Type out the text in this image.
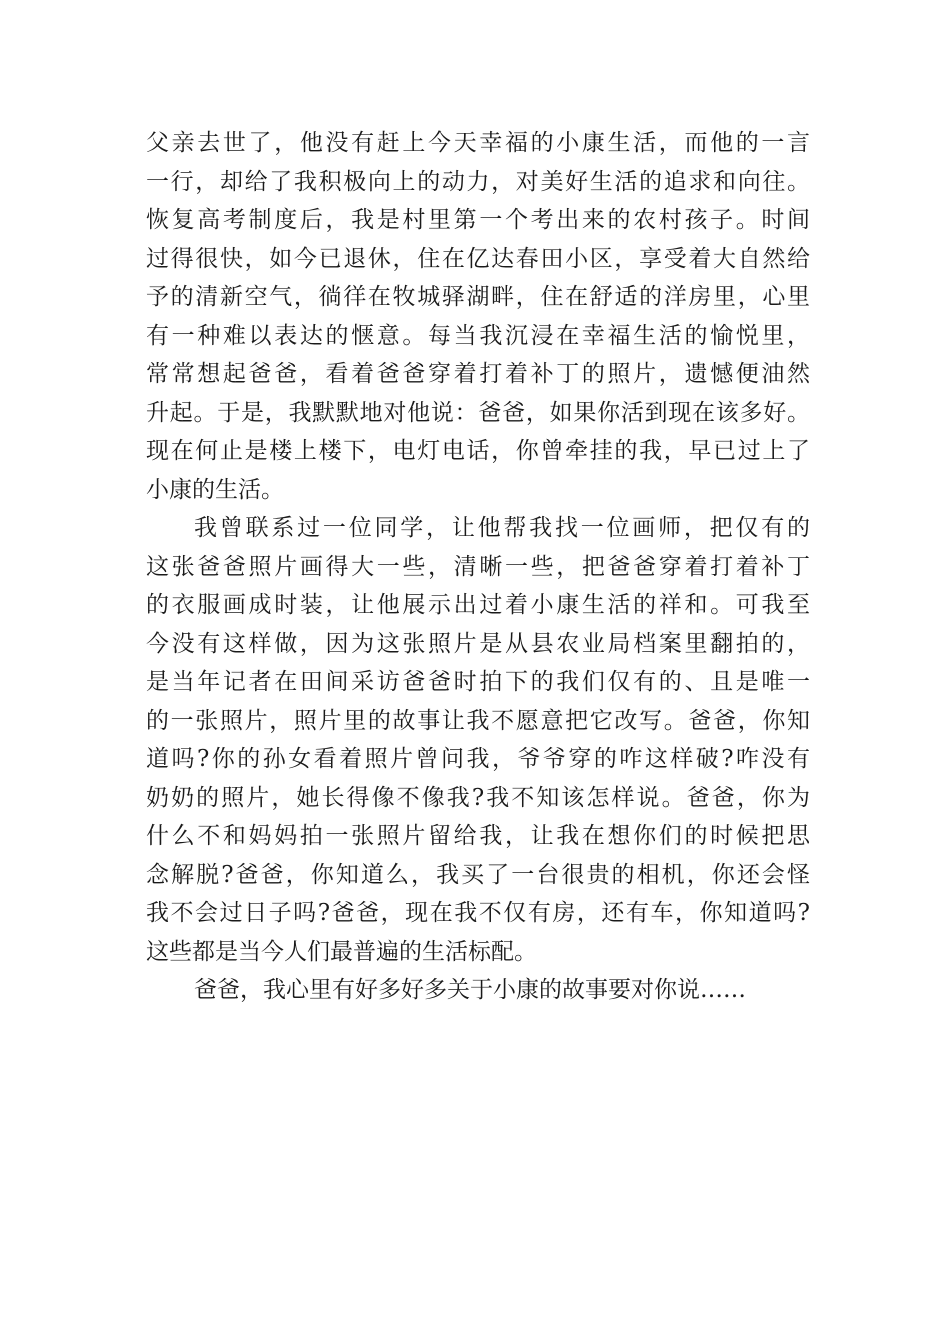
父亲去世了，他没有赶上今天幸福的小康生活，而他的一言
一行，却给了我积极向上的动力，对美好生活的追求和向往。
恢复高考制度后，我是村里第一个考出来的农村孩子。时间
过得很快，如今已退休，住在亿达春田小区，享受着大自然给
予的清新空气，徜徉在牧城驿湖畔，住在舒适的洋房里，心里
有一种难以表达的惬意。每当我沉浸在幸福生活的愉悦里，
常常想起爸爸，看着爸爸穿着打着补丁的照片，遗憾便油然
升起。于是，我默默地对他说：爸爸，如果你活到现在该多好。
现在何止是楼上楼下，电灯电话，你曾牵挂的我，早已过上了
小康的生活。
我曾联系过一位同学，让他帮我找一位画师，把仅有的
这张爸爸照片画得大一些，清晰一些，把爸爸穿着打着补丁
的衣服画成时装，让他展示出过着小康生活的祥和。可我至
今没有这样做，因为这张照片是从县农业局档案里翻拍的，
是当年记者在田间采访爸爸时拍下的我们仅有的、且是唯一
的一张照片，照片里的故事让我不愿意把它改写。爸爸，你知
道吗?你的孙女看着照片曾问我，爷爷穿的咋这样破?咋没有
奶奶的照片，她长得像不像我?我不知该怎样说。爸爸，你为
什么不和妈妈拍一张照片留给我，让我在想你们的时候把思
念解脱?爸爸，你知道么，我买了一台很贵的相机，你还会怪
我不会过日子吗?爸爸，现在我不仅有房，还有车，你知道吗?
这些都是当今人们最普遍的生活标配。
爸爸，我心里有好多好多关于小康的故事要对你说……
